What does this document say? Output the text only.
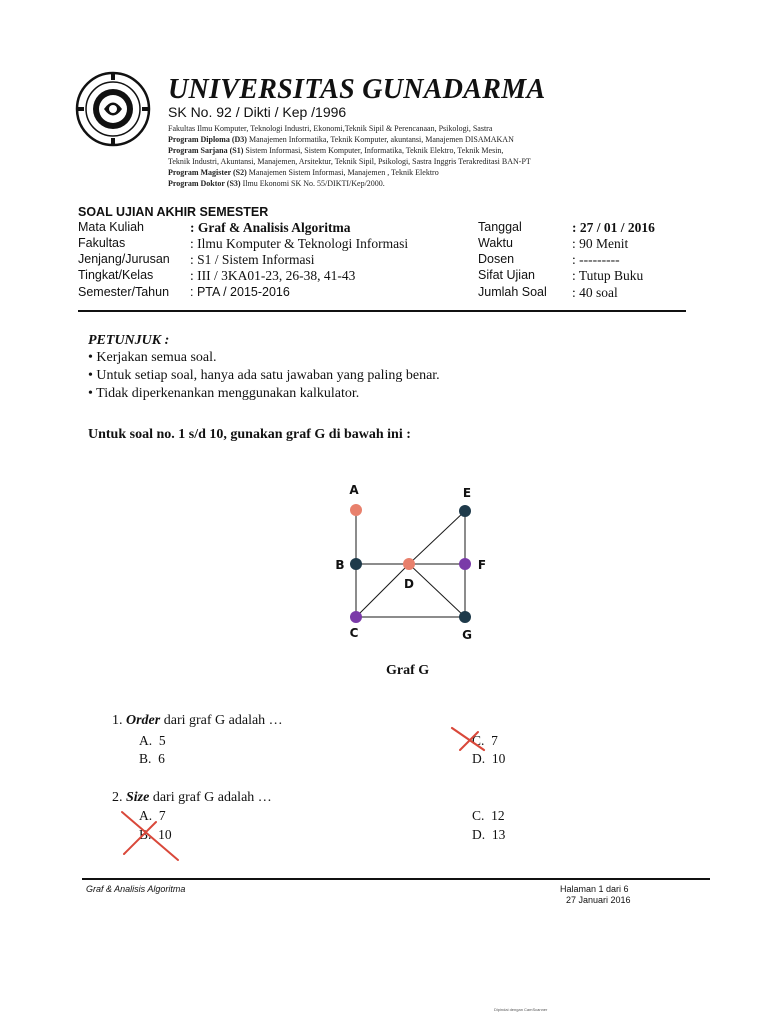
UNIVERSITAS GUNADARMA
SK No. 92 / Dikti / Kep /1996
Fakultas Ilmu Komputer, Teknologi Industri, Ekonomi,Teknik Sipil & Perencanaan, Psikologi, Sastra
Program Diploma (D3) Manajemen Informatika, Teknik Komputer, akuntansi, Manajemen DISAMAKAN
Program Sarjana (S1) Sistem Informasi, Sistem Komputer, Informatika, Teknik Elektro, Teknik Mesin,
Teknik Industri, Akuntansi, Manajemen, Arsitektur, Teknik Sipil, Psikologi, Sastra Inggris Terakreditasi BAN-PT
Program Magister (S2) Manajemen Sistem Informasi, Manajemen , Teknik Elektro
Program Doktor (S3) Ilmu Ekonomi SK No. 55/DIKTI/Kep/2000.
SOAL UJIAN AKHIR SEMESTER
Mata Kuliah	: Graf & Analisis Algoritma
Fakultas	: Ilmu Komputer & Teknologi Informasi
Jenjang/Jurusan : S1 / Sistem Informasi
Tingkat/Kelas	: III / 3KA01-23, 26-38, 41-43
Semester/Tahun : PTA / 2015-2016
Tanggal	: 27 / 01 / 2016
Waktu	: 90 Menit
Dosen	: ---------
Sifat Ujian	: Tutup Buku
Jumlah Soal : 40 soal
PETUNJUK :
• Kerjakan semua soal.
• Untuk setiap soal, hanya ada satu jawaban yang paling benar.
• Tidak diperkenankan menggunakan kalkulator.
Untuk soal no. 1 s/d 10, gunakan graf G di bawah ini :
A
B
C
D
E
F
G
Graf G
1. Order dari graf G adalah …
A. 5
B. 6
C. 7
D. 10
2. Size dari graf G adalah …
A. 7
B. 10
C. 12
D. 13
Graf & Analisis Algoritma	Halaman 1 dari 6
27 Januari 2016
Dipindai dengan CamScanner
